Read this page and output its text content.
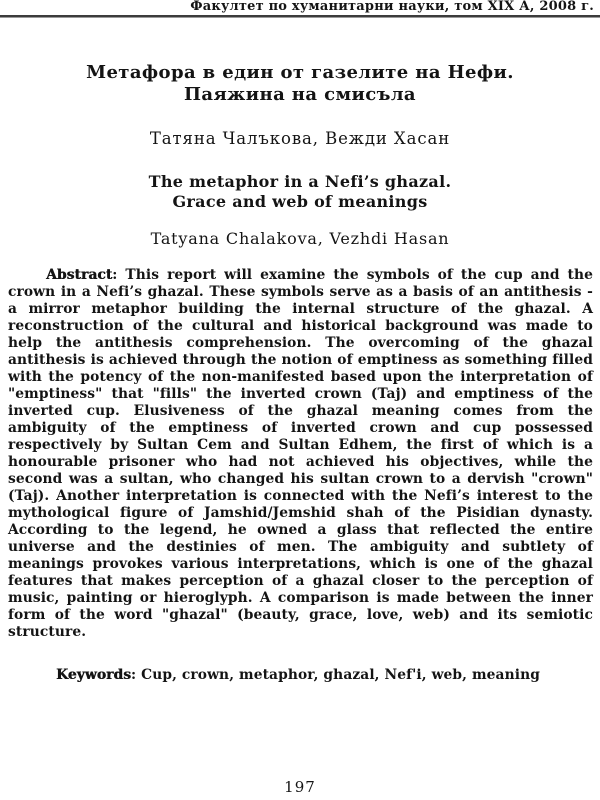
Факултет по хуманитарни науки, том XIX А, 2008 г.
Метафора в един от газелите на Нефи.
Паяжина на смисъла
Татяна Чалъкова, Вежди Хасан
The metaphor in a Nefi’s ghazal.
Grace and web of meanings
Tatyana Chalakova, Vezhdi Hasan

Abstract: This report will examine the symbols of the cup and the crown in a Nefi’s ghazal. These symbols serve as a basis of an antithesis - a mirror metaphor building the internal structure of the ghazal. A reconstruction of the cultural and historical background was made to help the antithesis comprehension. The overcoming of the ghazal antithesis is achieved through the notion of emptiness as something filled with the potency of the non-manifested based upon the interpretation of "emptiness" that "fills" the inverted crown (Taj) and emptiness of the inverted cup. Elusiveness of the ghazal meaning comes from the ambiguity of the emptiness of inverted crown and cup possessed respectively by Sultan Cem and Sultan Edhem, the first of which is a honourable prisoner who had not achieved his objectives, while the second was a sultan, who changed his sultan crown to a dervish "crown" (Taj). Another interpretation is connected with the Nefi’s interest to the mythological figure of Jamshid/Jemshid shah of the Pisidian dynasty. According to the legend, he owned a glass that reflected the entire universe and the destinies of men. The ambiguity and subtlety of meanings provokes various interpretations, which is one of the ghazal features that makes perception of a ghazal closer to the perception of music, painting or hieroglyph. A comparison is made between the inner form of the word "ghazal" (beauty, grace, love, web) and its semiotic structure.

Keywords: Cup, crown, metaphor, ghazal, Nef'i, web, meaning

197
